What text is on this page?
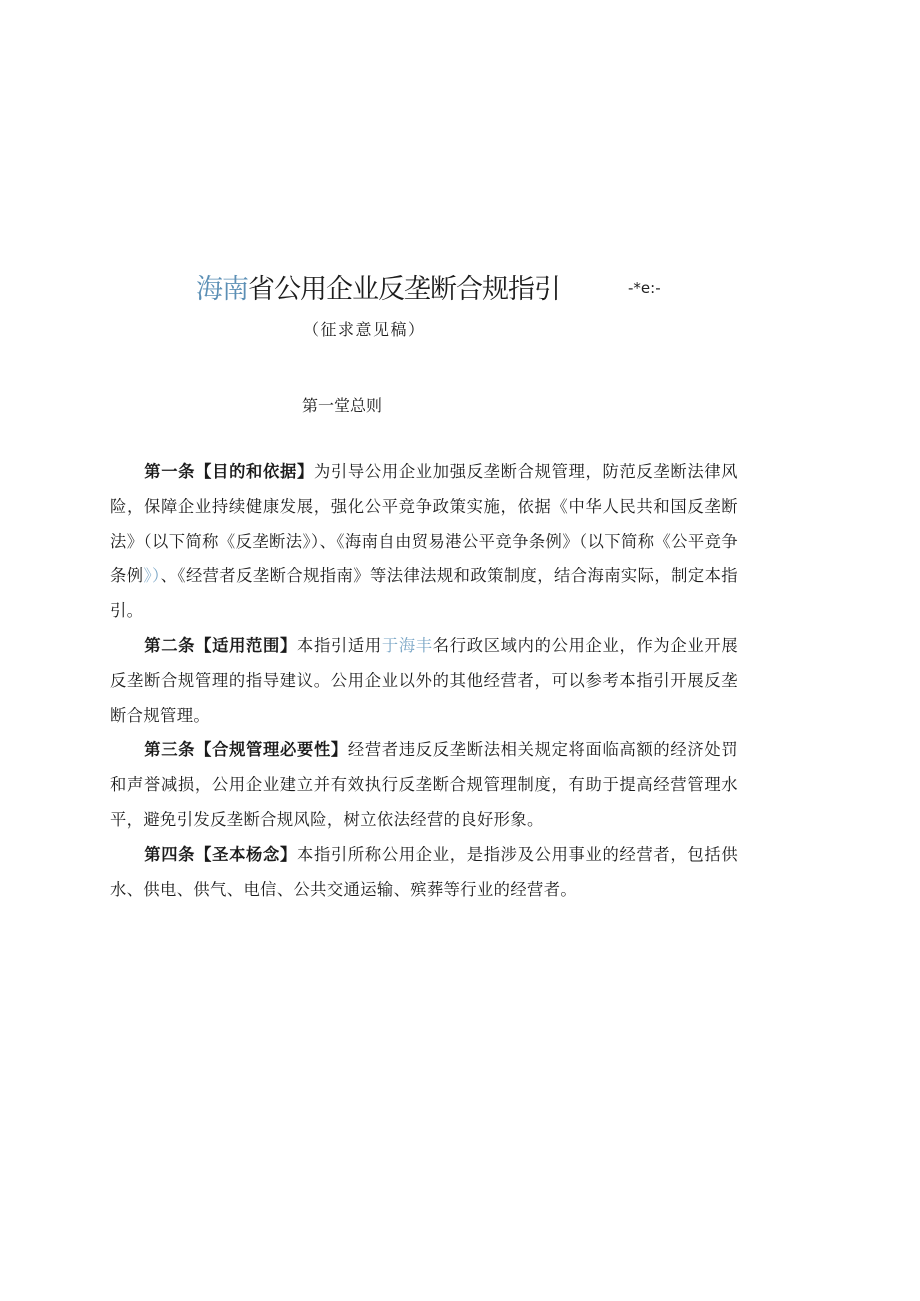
海南省公用企业反垄断合规指引	-*e:-
（征求意见稿）
第一堂总则

第一条【目的和依据】为引导公用企业加强反垄断合规管理，防范反垄断法律风险，保障企业持续健康发展，强化公平竞争政策实施，依据《中华人民共和国反垄断法》（以下简称《反垄断法》）、《海南自由贸易港公平竞争条例》（以下简称《公平竞争条例》）、《经营者反垄断合规指南》等法律法规和政策制度，结合海南实际，制定本指引。

第二条【适用范围】本指引适用于海丰名行政区域内的公用企业，作为企业开展反垄断合规管理的指导建议。公用企业以外的其他经营者，可以参考本指引开展反垄断合规管理。

第三条【合规管理必要性】经营者违反反垄断法相关规定将面临高额的经济处罚和声誉减损，公用企业建立并有效执行反垄断合规管理制度，有助于提高经营管理水平，避免引发反垄断合规风险，树立依法经营的良好形象。

第四条【圣本杨念】本指引所称公用企业，是指涉及公用事业的经营者，包括供水、供电、供气、电信、公共交通运输、殡葬等行业的经营者。
